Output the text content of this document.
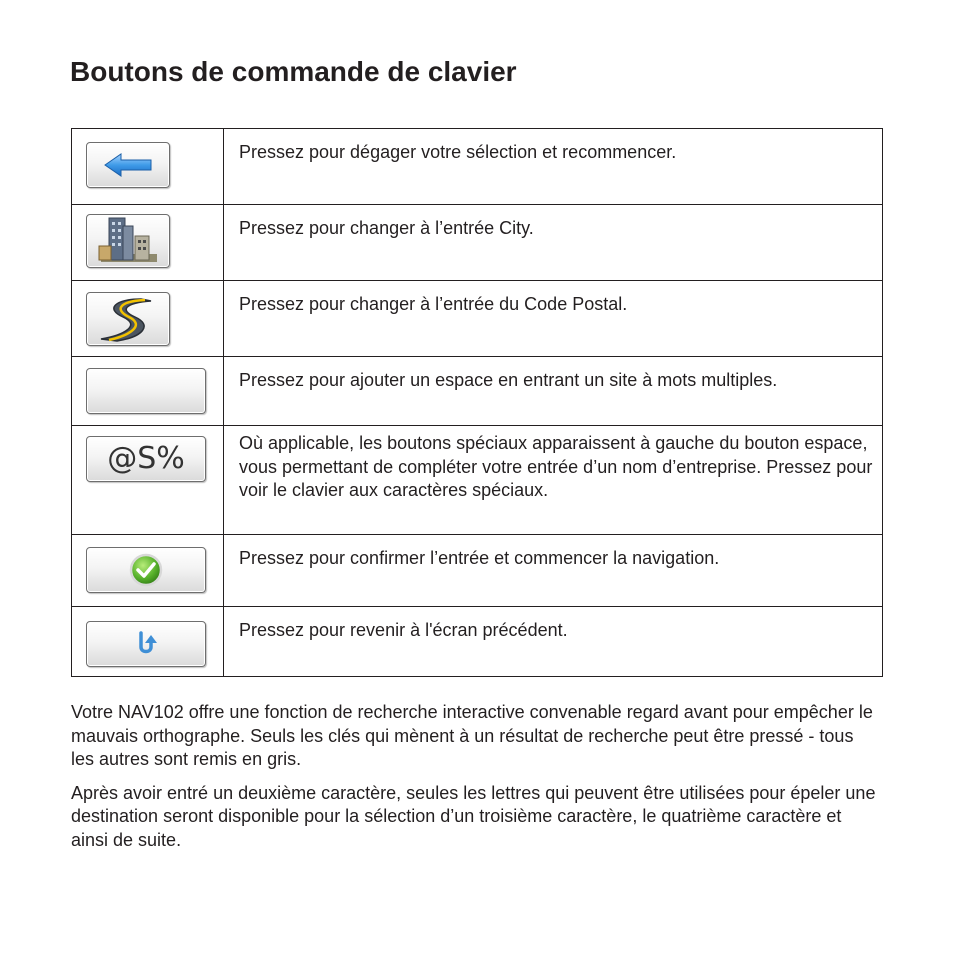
Boutons de commande de clavier
	Pressez pour dégager votre sélection et recommencer.

	Pressez pour changer à l’entrée City.

	Pressez pour changer à l’entrée du Code Postal.

	Pressez pour ajouter un espace en entrant un site à mots multiples.

@S%	Où applicable, les boutons spéciaux apparaissent à gauche du bouton espace, vous permettant de compléter votre entrée d’un nom d’entreprise. Pressez pour voir le clavier aux caractères spéciaux.

	Pressez pour confirmer l’entrée et commencer la navigation.

	Pressez pour revenir à l'écran précédent.

Votre NAV102 offre une fonction de recherche interactive convenable regard avant pour empêcher le mauvais orthographe. Seuls les clés qui mènent à un résultat de recherche peut être pressé - tous les autres sont remis en gris.

Après avoir entré un deuxième caractère, seules les lettres qui peuvent être utilisées pour épeler une destination seront disponible pour la sélection d’un troisième caractère, le quatrième caractère et ainsi de suite.
